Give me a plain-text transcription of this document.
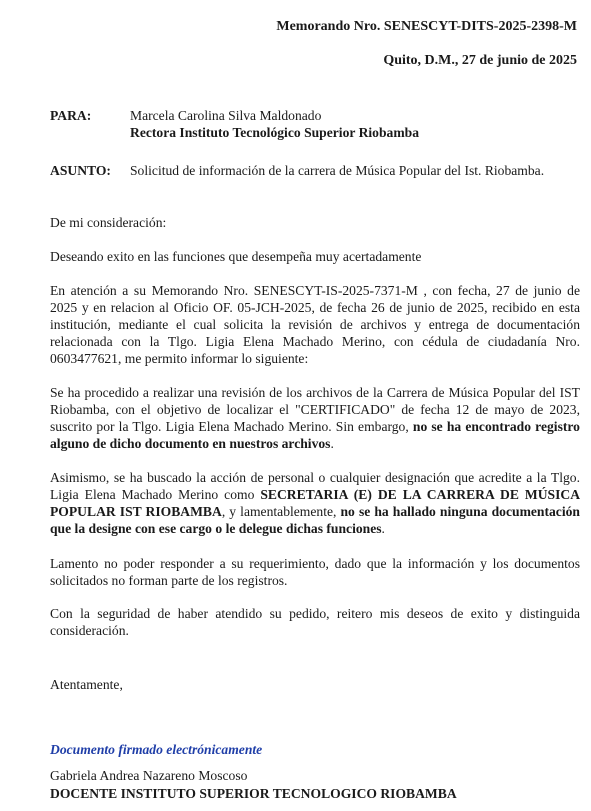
Memorando Nro. SENESCYT-DITS-2025-2398-M
Quito, D.M., 27 de junio de 2025
PARA:	Marcela Carolina Silva Maldonado
Rectora Instituto Tecnológico Superior Riobamba
ASUNTO: Solicitud de información de la carrera de Música Popular del Ist. Riobamba.

De mi consideración:

Deseando exito en las funciones que desempeña muy acertadamente

En atención a su Memorando Nro. SENESCYT-IS-2025-7371-M , con fecha, 27 de junio de 2025 y en relacion al Oficio OF. 05-JCH-2025, de fecha 26 de junio de 2025, recibido en esta institución, mediante el cual solicita la revisión de archivos y entrega de documentación relacionada con la Tlgo. Ligia Elena Machado Merino, con cédula de ciudadanía Nro. 0603477621, me permito informar lo siguiente:

Se ha procedido a realizar una revisión de los archivos de la Carrera de Música Popular del IST Riobamba, con el objetivo de localizar el "CERTIFICADO" de fecha 12 de mayo de 2023, suscrito por la Tlgo. Ligia Elena Machado Merino. Sin embargo, no se ha encontrado registro alguno de dicho documento en nuestros archivos.

Asimismo, se ha buscado la acción de personal o cualquier designación que acredite a la Tlgo. Ligia Elena Machado Merino como SECRETARIA (E) DE LA CARRERA DE MÚSICA POPULAR IST RIOBAMBA, y lamentablemente, no se ha hallado ninguna documentación que la designe con ese cargo o le delegue dichas funciones.

Lamento no poder responder a su requerimiento, dado que la información y los documentos solicitados no forman parte de los registros.

Con la seguridad de haber atendido su pedido, reitero mis deseos de exito y distinguida consideración.

Atentamente,

Documento firmado electrónicamente
Gabriela Andrea Nazareno Moscoso
DOCENTE INSTITUTO SUPERIOR TECNOLOGICO RIOBAMBA
